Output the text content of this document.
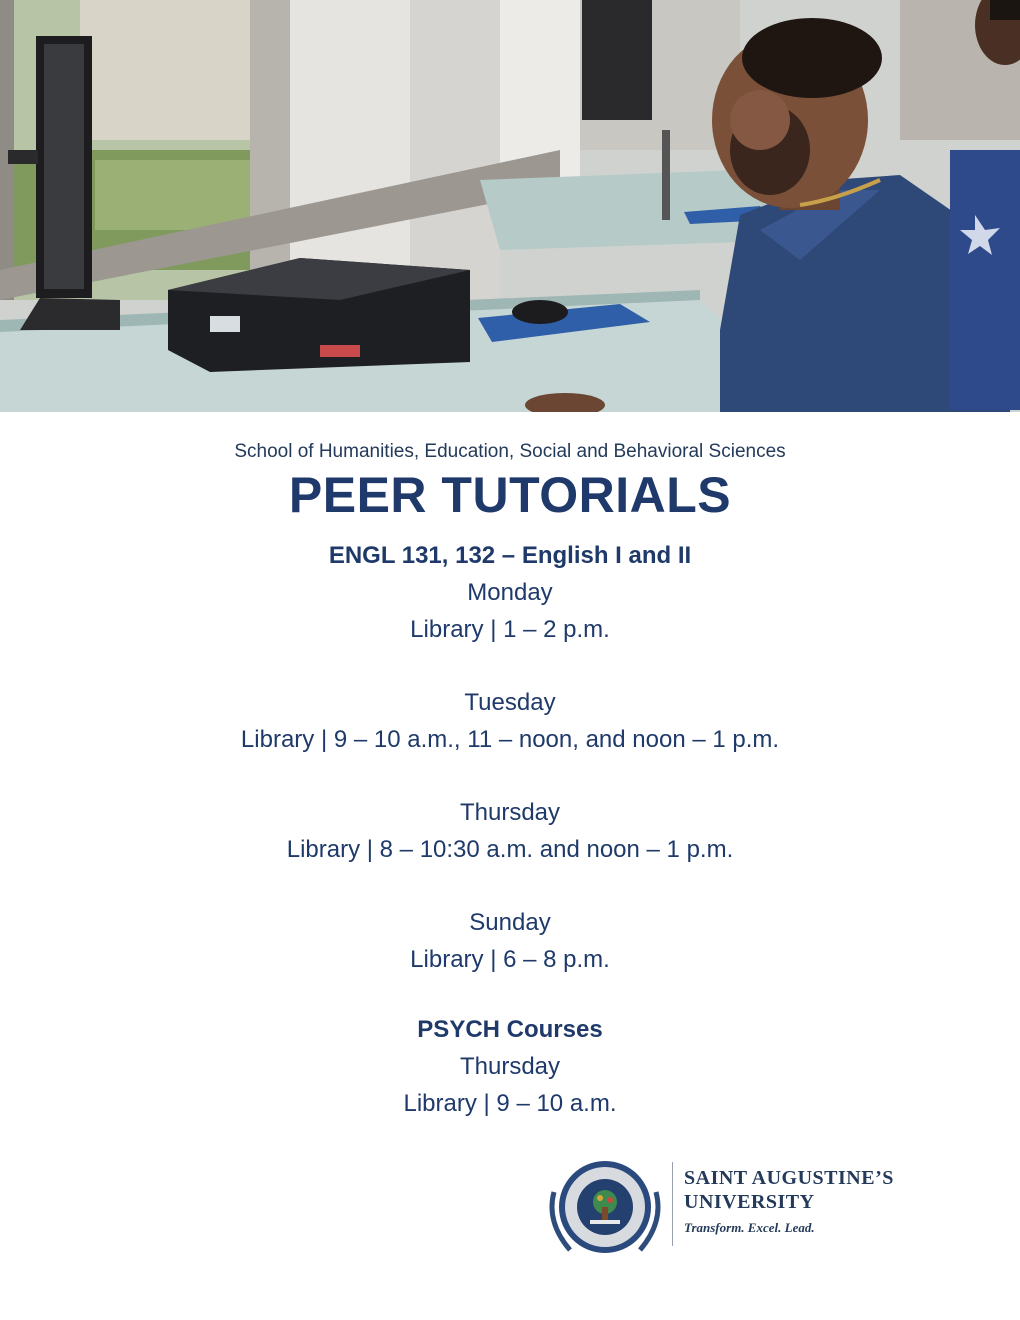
School of Humanities, Education, Social and Behavioral Sciences

PEER TUTORIALS
ENGL 131, 132 – English I and II
Monday
Library | 1 – 2 p.m.
Tuesday
Library | 9 – 10 a.m., 11 – noon, and noon – 1 p.m.
Thursday
Library | 8 – 10:30 a.m. and noon – 1 p.m.
Sunday
Library | 6 – 8 p.m.
PSYCH Courses
Thursday
Library | 9 – 10 a.m.
SAINT AUGUSTINE’S
UNIVERSITY
Transform. Excel. Lead.
